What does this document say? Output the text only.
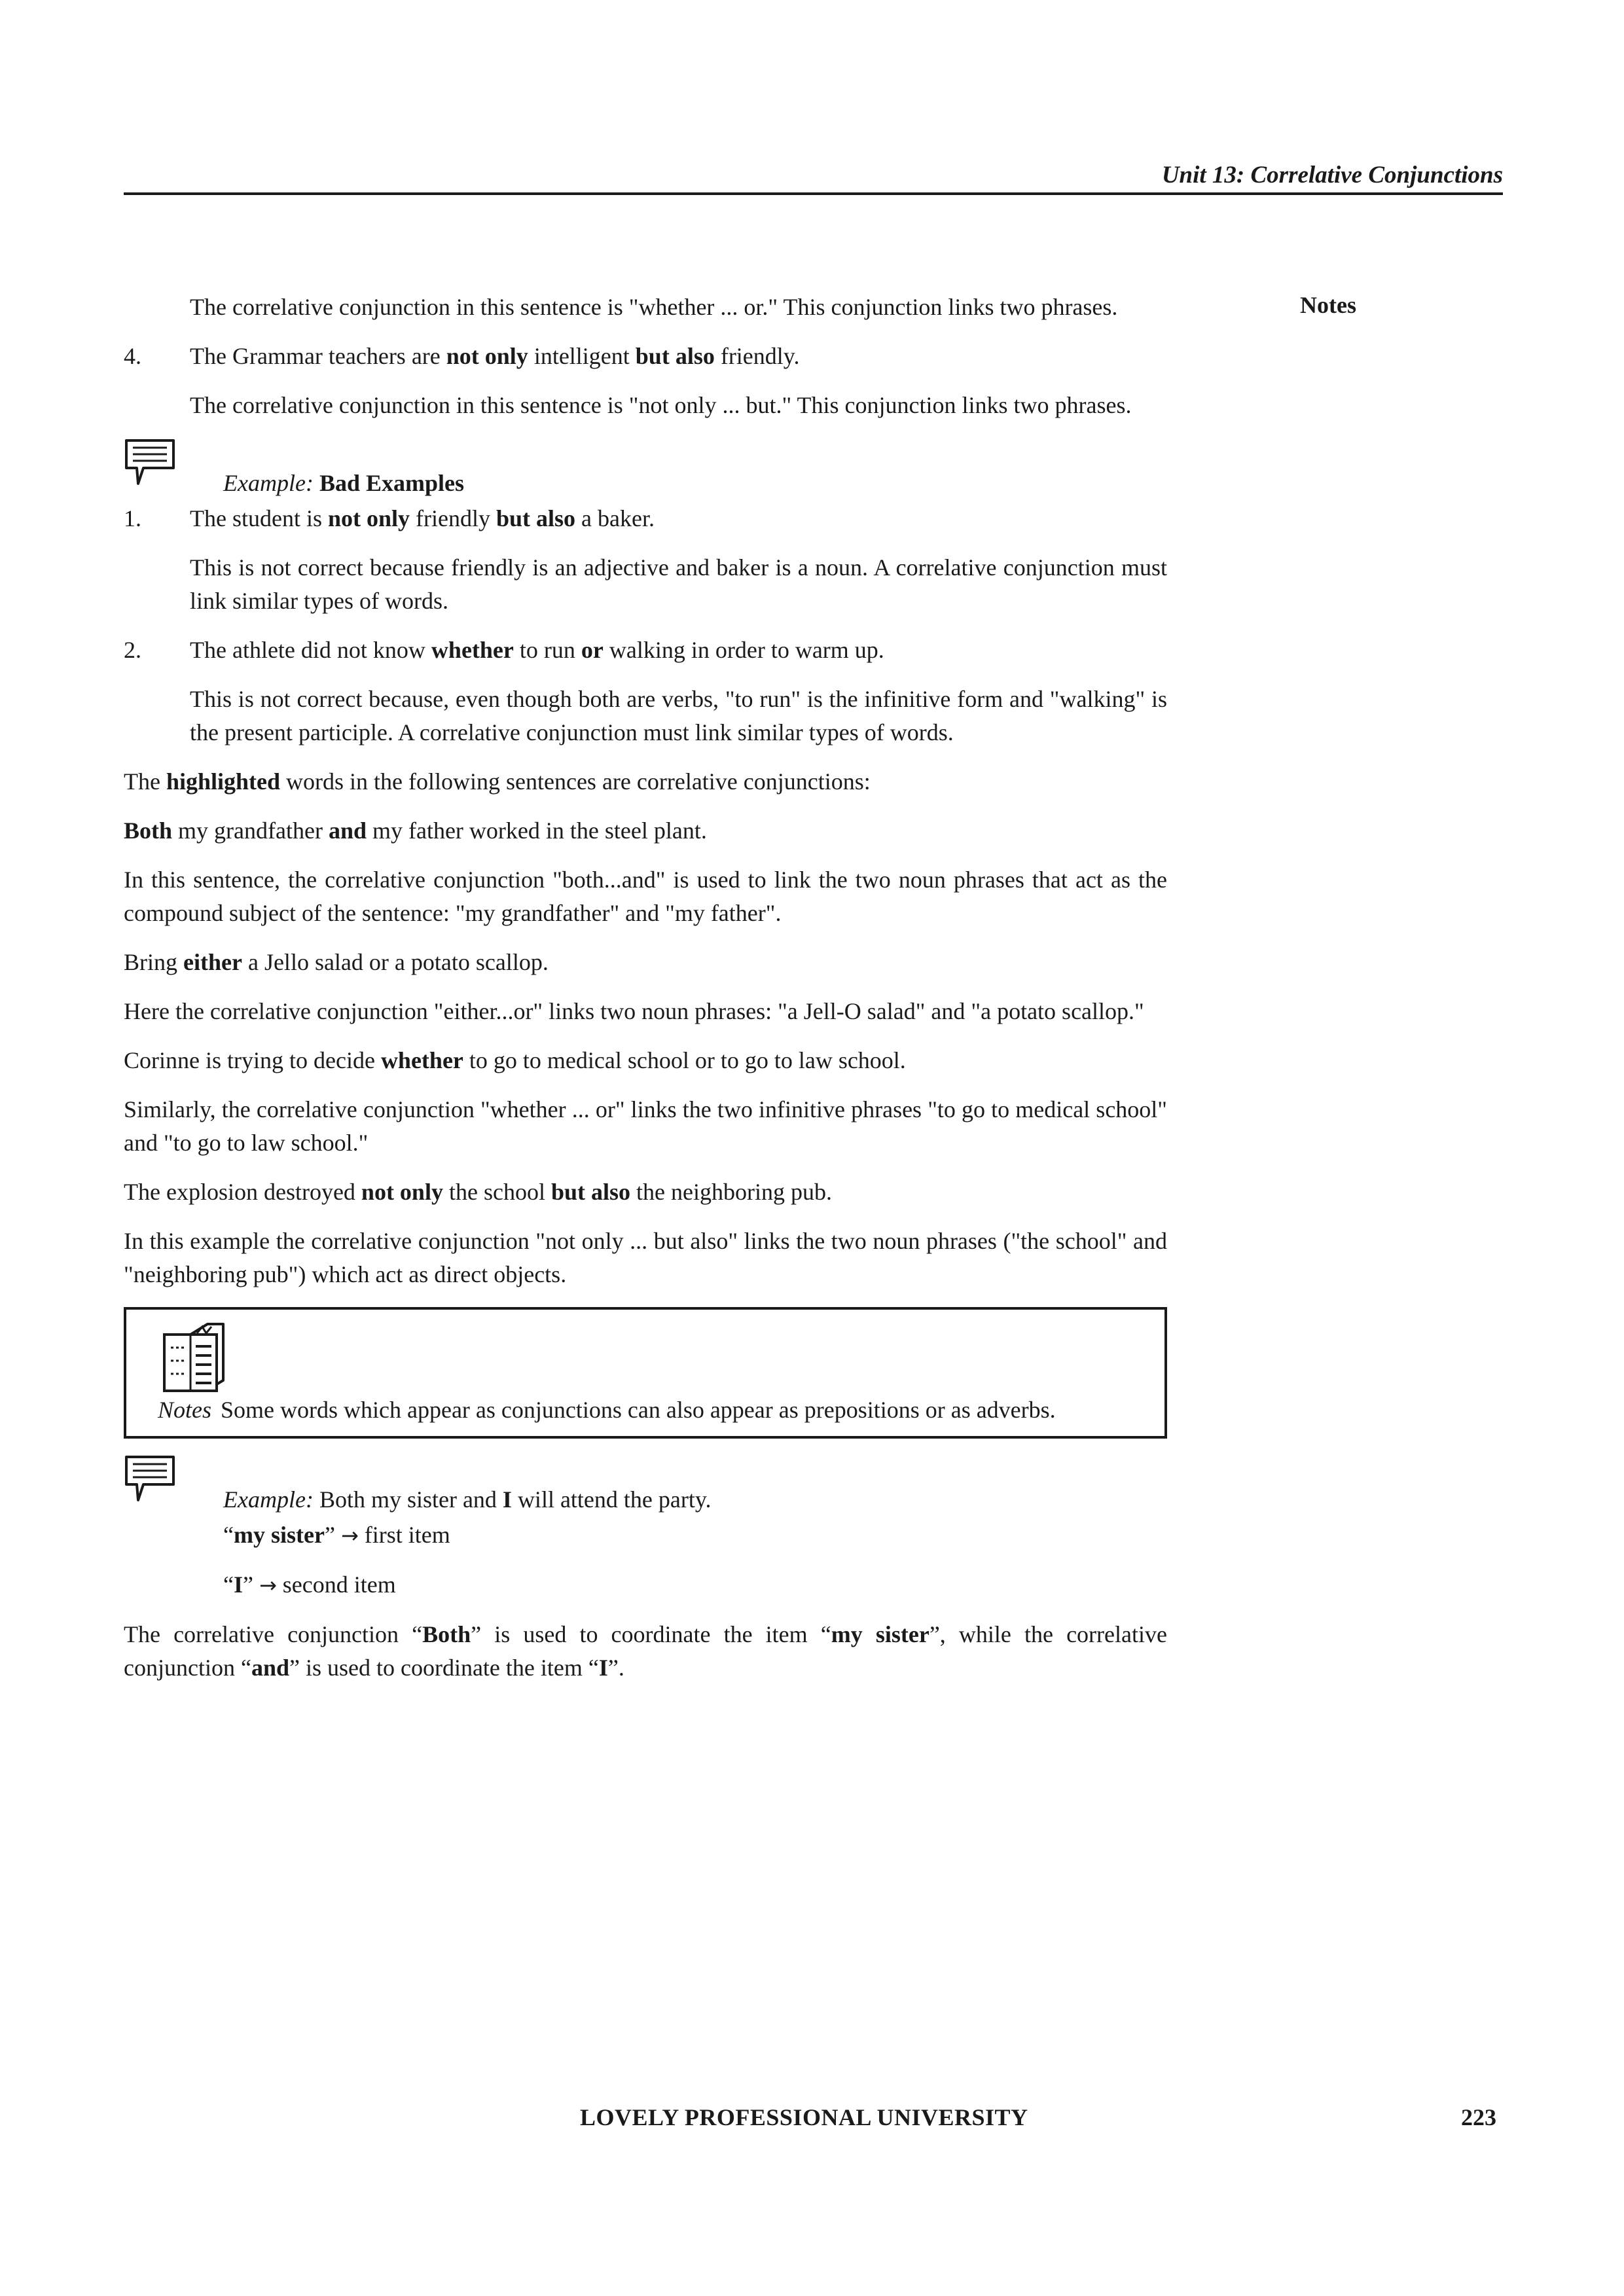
Unit 13: Correlative Conjunctions
Notes

The correlative conjunction in this sentence is "whether ... or." This conjunction links two phrases.

4.	The Grammar teachers are not only intelligent but also friendly.

The correlative conjunction in this sentence is "not only ... but." This conjunction links two phrases.

Example: Bad Examples
1.	The student is not only friendly but also a baker.

This is not correct because friendly is an adjective and baker is a noun. A correlative conjunction must link similar types of words.

2.	The athlete did not know whether to run or walking in order to warm up.

This is not correct because, even though both are verbs, "to run" is the infinitive form and "walking" is the present participle. A correlative conjunction must link similar types of words.

The highlighted words in the following sentences are correlative conjunctions:

Both my grandfather and my father worked in the steel plant.

In this sentence, the correlative conjunction "both...and" is used to link the two noun phrases that act as the compound subject of the sentence: "my grandfather" and "my father".

Bring either a Jello salad or a potato scallop.

Here the correlative conjunction "either...or" links two noun phrases: "a Jell-O salad" and "a potato scallop."

Corinne is trying to decide whether to go to medical school or to go to law school.

Similarly, the correlative conjunction "whether ... or" links the two infinitive phrases "to go to medical school" and "to go to law school."

The explosion destroyed not only the school but also the neighboring pub.

In this example the correlative conjunction "not only ... but also" links the two noun phrases ("the school" and "neighboring pub") which act as direct objects.

Notes Some words which appear as conjunctions can also appear as prepositions or as adverbs.
Example: Both my sister and I will attend the party.

“my sister” → first item

“I” → second item

The correlative conjunction “Both” is used to coordinate the item “my sister”, while the correlative conjunction “and” is used to coordinate the item “I”.

LOVELY PROFESSIONAL UNIVERSITY	223
